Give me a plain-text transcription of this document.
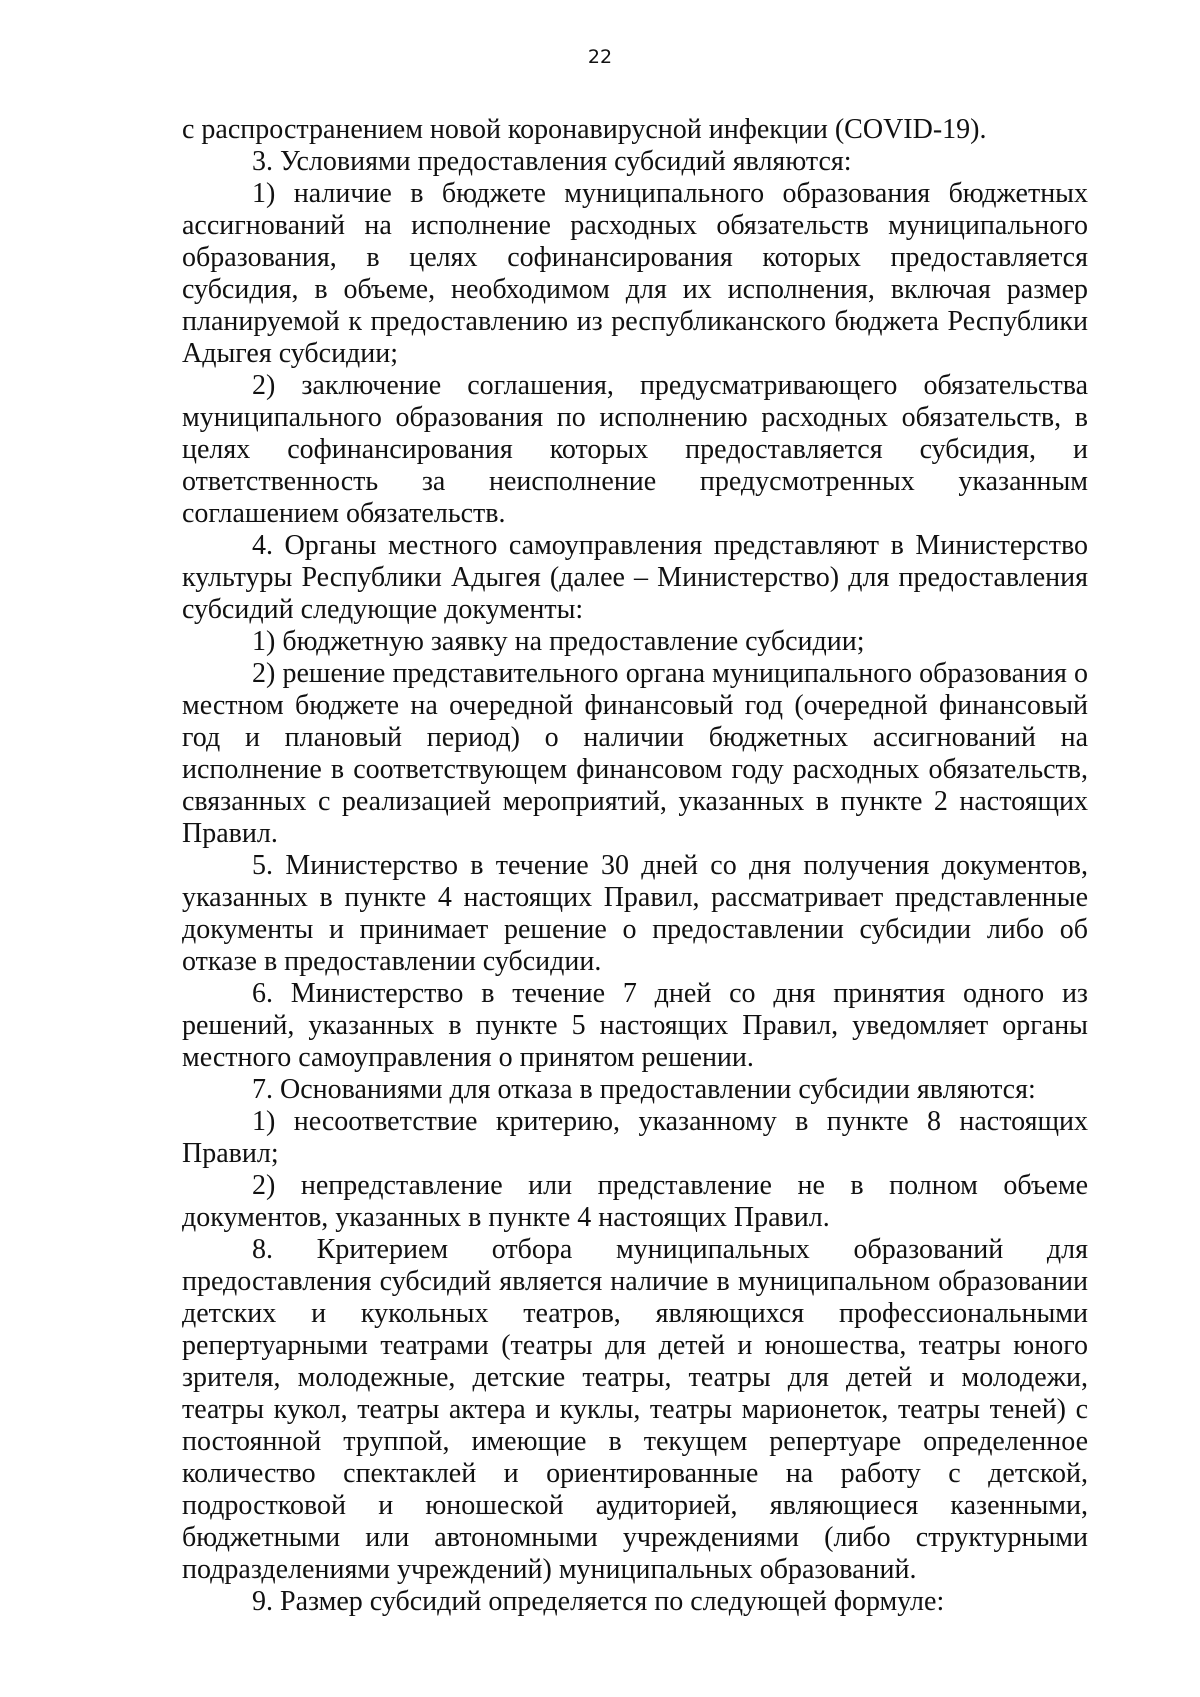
22

с распространением новой коронавирусной инфекции (COVID-19).

3. Условиями предоставления субсидий являются:

1) наличие в бюджете муниципального образования бюджетных ассигнований на исполнение расходных обязательств муниципального образования, в целях софинансирования которых предоставляется субсидия, в объеме, необходимом для их исполнения, включая размер планируемой к предоставлению из республиканского бюджета Республики Адыгея субсидии;

2) заключение соглашения, предусматривающего обязательства муниципального образования по исполнению расходных обязательств, в целях софинансирования которых предоставляется субсидия, и ответственность за неисполнение предусмотренных указанным соглашением обязательств.

4. Органы местного самоуправления представляют в Министерство культуры Республики Адыгея (далее – Министерство) для предоставления субсидий следующие документы:

1) бюджетную заявку на предоставление субсидии;

2) решение представительного органа муниципального образования о местном бюджете на очередной финансовый год (очередной финансовый год и плановый период) о наличии бюджетных ассигнований на исполнение в соответствующем финансовом году расходных обязательств, связанных с реализацией мероприятий, указанных в пункте 2 настоящих Правил.

5. Министерство в течение 30 дней со дня получения документов, указанных в пункте 4 настоящих Правил, рассматривает представленные документы и принимает решение о предоставлении субсидии либо об отказе в предоставлении субсидии.

6. Министерство в течение 7 дней со дня принятия одного из решений, указанных в пункте 5 настоящих Правил, уведомляет органы местного самоуправления о принятом решении.

7. Основаниями для отказа в предоставлении субсидии являются:

1) несоответствие критерию, указанному в пункте 8 настоящих Правил;

2) непредставление или представление не в полном объеме документов, указанных в пункте 4 настоящих Правил.

8. Критерием отбора муниципальных образований для предоставления субсидий является наличие в муниципальном образовании детских и кукольных театров, являющихся профессиональными репертуарными театрами (театры для детей и юношества, театры юного зрителя, молодежные, детские театры, театры для детей и молодежи, театры кукол, театры актера и куклы, театры марионеток, театры теней) с постоянной труппой, имеющие в текущем репертуаре определенное количество спектаклей и ориентированные на работу с детской, подростковой и юношеской аудиторией, являющиеся казенными, бюджетными или автономными учреждениями (либо структурными подразделениями учреждений) муниципальных образований.

9. Размер субсидий определяется по следующей формуле:
